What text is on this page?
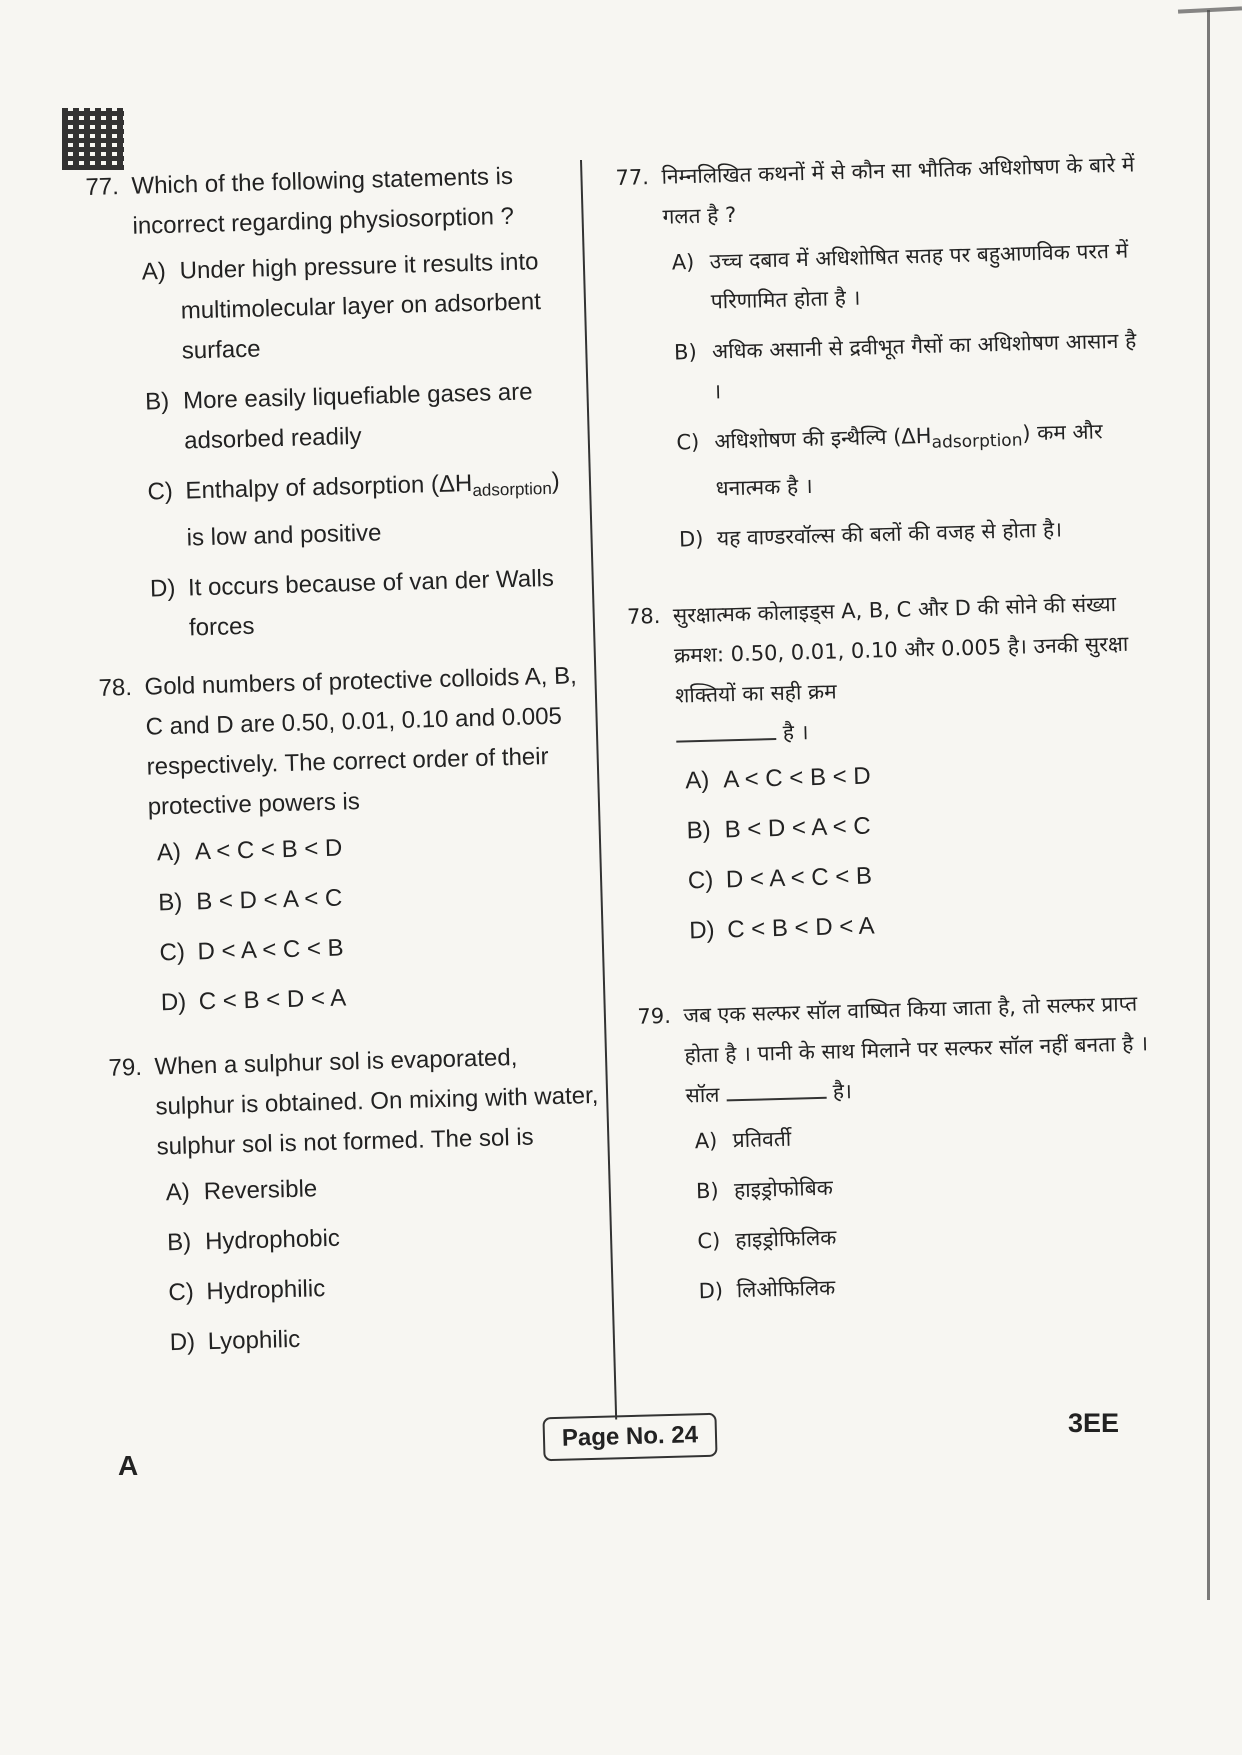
77. Which of the following statements is incorrect regarding physiosorption ?
A) Under high pressure it results into multimolecular layer on adsorbent surface
B) More easily liquefiable gases are adsorbed readily
C) Enthalpy of adsorption $(\Delta H_{adsorption})$ is low and positive
D) It occurs because of van der Walls forces
78. Gold numbers of protective colloids A, B, C and D are 0.50, 0.01, 0.10 and 0.005 respectively. The correct order of their protective powers is
A) A < C < B < D
B) B < D < A < C
C) D < A < C < B
D) C < B < D < A
79. When a sulphur sol is evaporated, sulphur is obtained. On mixing with water, sulphur sol is not formed. The sol is
A) Reversible
B) Hydrophobic
C) Hydrophilic
D) Lyophilic
77. निम्नलिखित कथनों में से कौन सा भौतिक अधिशोषण के बारे में गलत है ?
A) उच्च दबाव में अधिशोषित सतह पर बहुआणविक परत में परिणामित होता है ।
B) अधिक असानी से द्रवीभूत गैसों का अधिशोषण आसान है ।
C) अधिशोषण की इन्थैल्पि $(\Delta H_{adsorption})$ कम और धनात्मक है ।
D) यह वाण्डरवॉल्स की बलों की वजह से होता है।
78. सुरक्षात्मक कोलाइड्स A, B, C और D की सोने की संख्या क्रमश: 0.50, 0.01, 0.10 और 0.005 है। उनकी सुरक्षा शक्तियों का सही क्रम
है ।
A) A < C < B < D
B) B < D < A < C
C) D < A < C < B
D) C < B < D < A
79. जब एक सल्फर सॉल वाष्पित किया जाता है, तो सल्फर प्राप्त होता है । पानी के साथ मिलाने पर सल्फर सॉल नहीं बनता है । सॉल	है।
A) प्रतिवर्ती
B) हाइड्रोफोबिक
C) हाइड्रोफिलिक
D) लिओफिलिक
A
Page No. 24	3EE
